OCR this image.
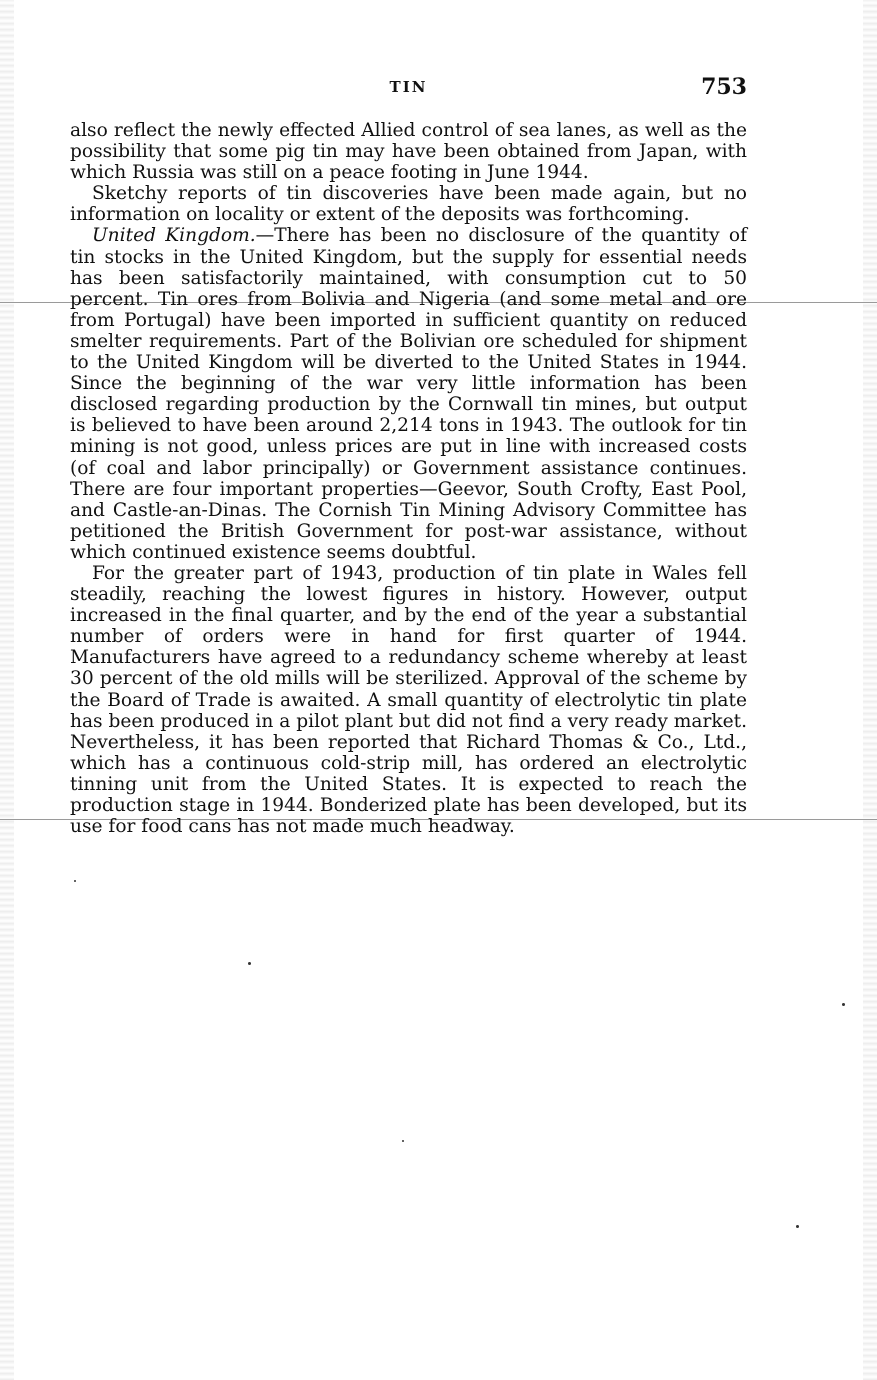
TIN	753

also reflect the newly effected Allied control of sea lanes, as well as the possibility that some pig tin may have been obtained from Japan, with which Russia was still on a peace footing in June 1944.

Sketchy reports of tin discoveries have been made again, but no information on locality or extent of the deposits was forthcoming.

United Kingdom.—There has been no disclosure of the quantity of tin stocks in the United Kingdom, but the supply for essential needs has been satisfactorily maintained, with consumption cut to 50 percent. Tin ores from Bolivia and Nigeria (and some metal and ore from Portugal) have been imported in sufficient quantity on reduced smelter requirements. Part of the Bolivian ore scheduled for shipment to the United Kingdom will be diverted to the United States in 1944. Since the beginning of the war very little information has been disclosed regarding production by the Cornwall tin mines, but output is believed to have been around 2,214 tons in 1943. The outlook for tin mining is not good, unless prices are put in line with increased costs (of coal and labor principally) or Government assistance continues. There are four important properties—Geevor, South Crofty, East Pool, and Castle-an-Dinas. The Cornish Tin Mining Advisory Committee has petitioned the British Government for post-war assistance, without which continued existence seems doubtful.

For the greater part of 1943, production of tin plate in Wales fell steadily, reaching the lowest figures in history. However, output increased in the final quarter, and by the end of the year a substantial number of orders were in hand for first quarter of 1944. Manufacturers have agreed to a redundancy scheme whereby at least 30 percent of the old mills will be sterilized. Approval of the scheme by the Board of Trade is awaited. A small quantity of electrolytic tin plate has been produced in a pilot plant but did not find a very ready market. Nevertheless, it has been reported that Richard Thomas & Co., Ltd., which has a continuous cold-strip mill, has ordered an electrolytic tinning unit from the United States. It is expected to reach the production stage in 1944. Bonderized plate has been developed, but its use for food cans has not made much headway.
